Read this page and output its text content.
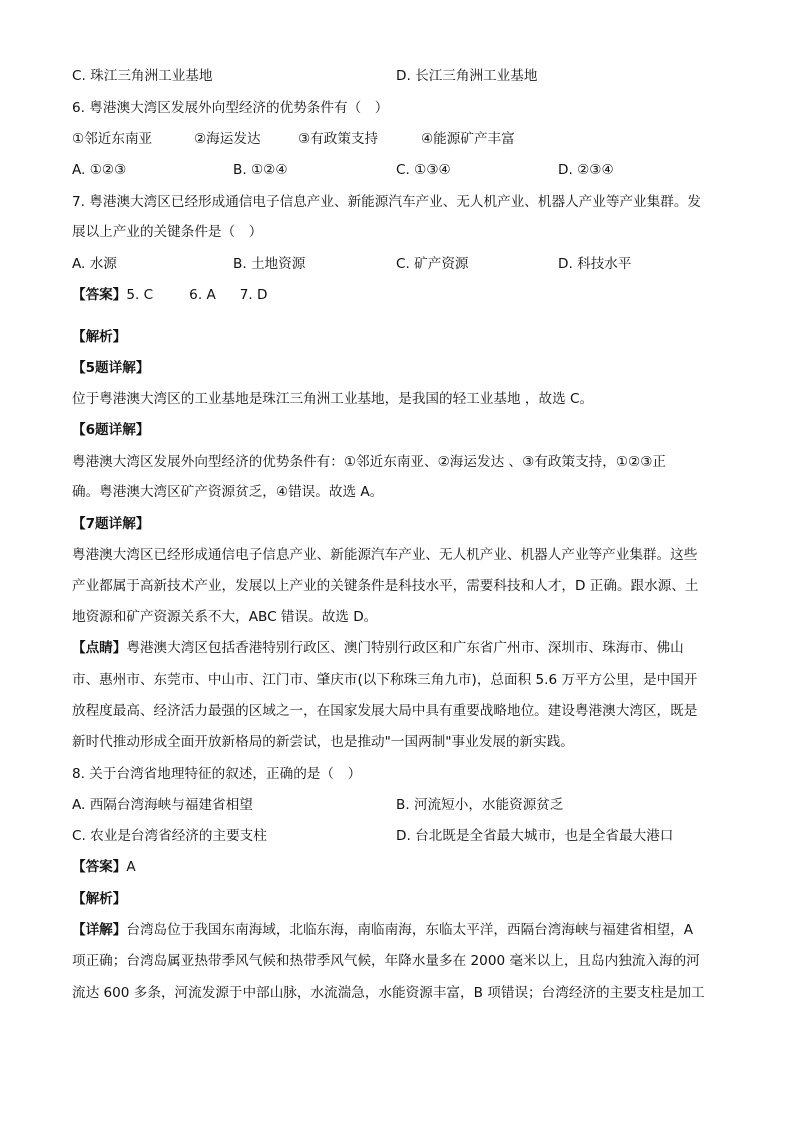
C. 珠江三角洲工业基地	D. 长江三角洲工业基地
6. 粤港澳大湾区发展外向型经济的优势条件有（　）
①邻近东南亚	②海运发达	③有政策支持	④能源矿产丰富
A. ①②③	B. ①②④	C. ①③④	D. ②③④
7. 粤港澳大湾区已经形成通信电子信息产业、新能源汽车产业、无人机产业、机器人产业等产业集群。发
展以上产业的关键条件是（　）
A. 水源	B. 土地资源	C. 矿产资源	D. 科技水平
【答案】5. C	6. A 7. D
【解析】
【5题详解】
位于粤港澳大湾区的工业基地是珠江三角洲工业基地，是我国的轻工业基地 ，故选 C。
【6题详解】
粤港澳大湾区发展外向型经济的优势条件有：①邻近东南亚、②海运发达 、③有政策支持，①②③正
确。粤港澳大湾区矿产资源贫乏，④错误。故选 A。
【7题详解】
粤港澳大湾区已经形成通信电子信息产业、新能源汽车产业、无人机产业、机器人产业等产业集群。这些
产业都属于高新技术产业，发展以上产业的关键条件是科技水平，需要科技和人才，D 正确。跟水源、土
地资源和矿产资源关系不大，ABC 错误。故选 D。
【点睛】粤港澳大湾区包括香港特别行政区、澳门特别行政区和广东省广州市、深圳市、珠海市、佛山
市、惠州市、东莞市、中山市、江门市、肇庆市(以下称珠三角九市)，总面积 5.6 万平方公里，是中国开
放程度最高、经济活力最强的区域之一，在国家发展大局中具有重要战略地位。建设粤港澳大湾区，既是
新时代推动形成全面开放新格局的新尝试，也是推动"一国两制"事业发展的新实践。
8. 关于台湾省地理特征的叙述，正确的是（　）
A. 西隔台湾海峡与福建省相望	B. 河流短小，水能资源贫乏
C. 农业是台湾省经济的主要支柱	D. 台北既是全省最大城市，也是全省最大港口
【答案】A
【解析】
【详解】台湾岛位于我国东南海域，北临东海，南临南海，东临太平洋，西隔台湾海峡与福建省相望，A
项正确；台湾岛属亚热带季风气候和热带季风气候，年降水量多在 2000 毫米以上，且岛内独流入海的河
流达 600 多条，河流发源于中部山脉，水流湍急，水能资源丰富，B 项错误；台湾经济的主要支柱是加工
